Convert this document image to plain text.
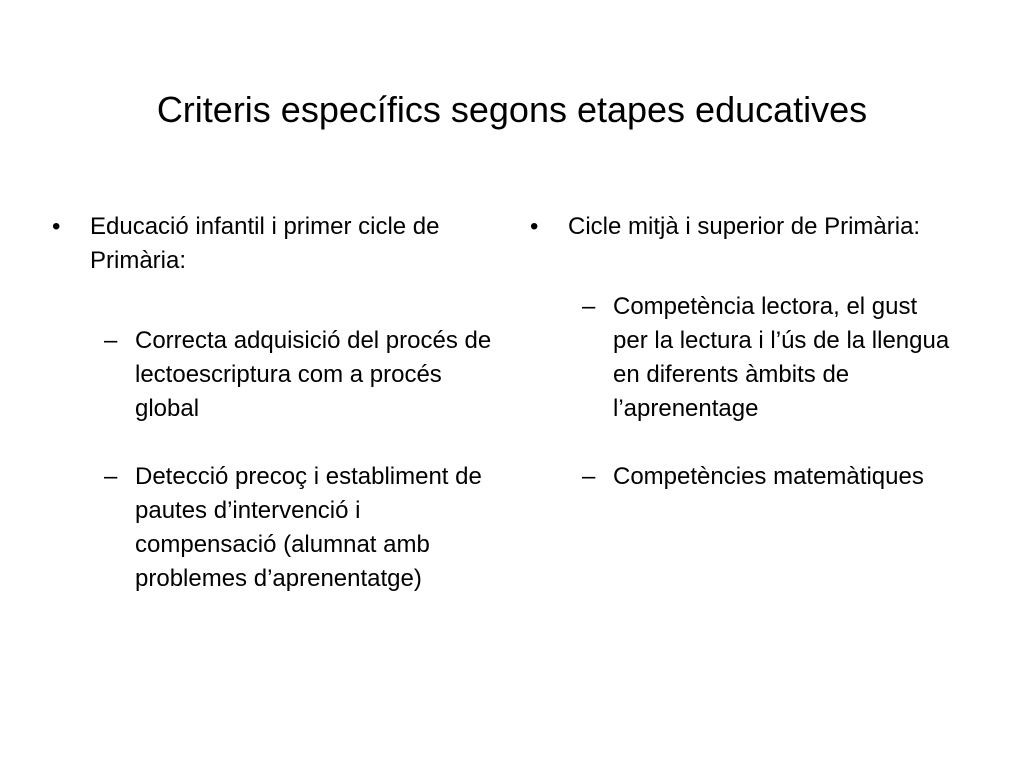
Criteris específics segons etapes educatives
• Educació infantil i primer cicle de Primària:
– Correcta adquisició del procés de lectoescriptura com a procés global
– Detecció precoç i establiment de pautes d’intervenció i compensació (alumnat amb problemes d’aprenentatge)
• Cicle mitjà i superior de Primària:
– Competència lectora, el gust per la lectura i l’ús de la llengua en diferents àmbits de l’aprenentage
– Competències matemàtiques
